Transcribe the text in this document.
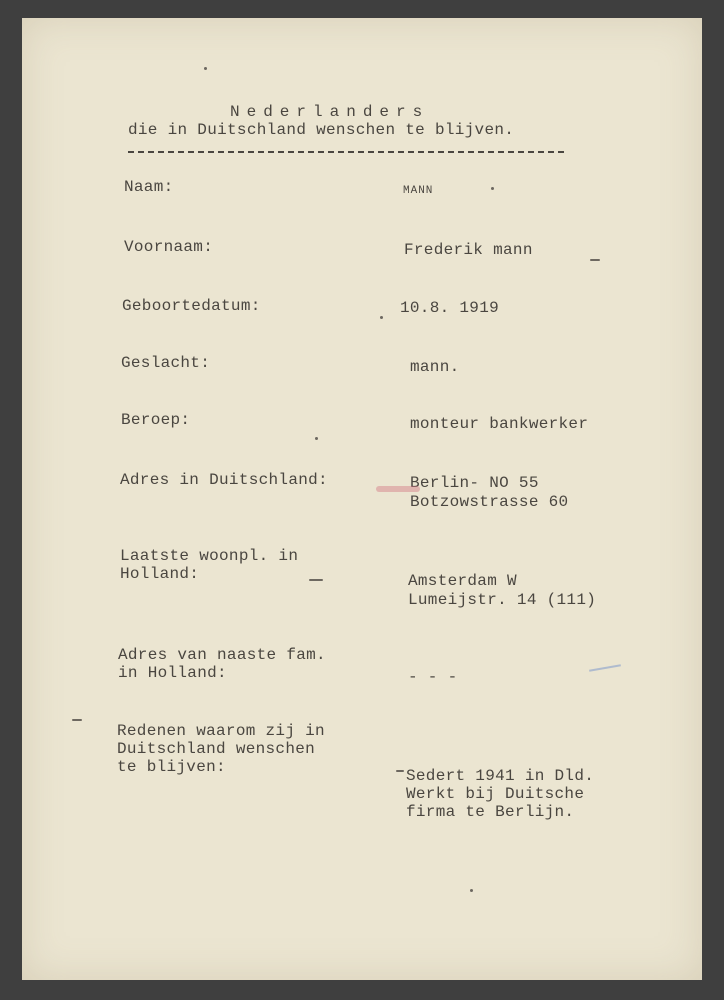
Nederlanders
die in Duitschland wenschen te blijven.
Naam:
Voornaam:
Geboortedatum:
Geslacht:
Beroep:
Adres in Duitschland:
Laatste woonpl. in
Holland:
Adres van naaste fam.
in Holland:
Redenen waarom zij in
Duitschland wenschen
te blijven:
MANN
Frederik mann
10.8. 1919
mann.
monteur bankwerker
Berlin- NO 55
Botzowstrasse 60
Amsterdam W
Lumeijstr. 14 (111)
- - -
Sedert 1941 in Dld.
Werkt bij Duitsche
firma te Berlijn.
